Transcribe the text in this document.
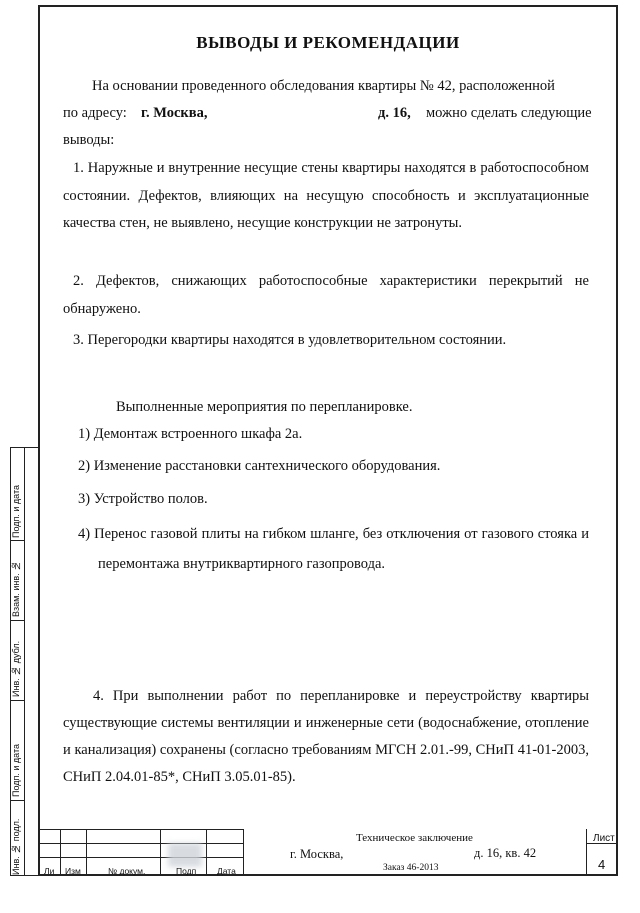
Подп. и дата
Взам. инв. №
Инв. № дубл.
Подп. и дата
Инв. № подл.
ВЫВОДЫ И РЕКОМЕНДАЦИИ
На основании проведенного обследования квартиры № 42, расположенной
по адресу: г. Москва,	д. 16, можно сделать следующие
выводы:
1. Наружные и внутренние несущие стены квартиры находятся в работоспособном состоянии. Дефектов, влияющих на несущую способность и эксплуатационные качества стен, не выявлено, несущие конструкции не затронуты.
2. Дефектов, снижающих работоспособные характеристики перекрытий не обнаружено.
3. Перегородки квартиры находятся в удовлетворительном состоянии.
Выполненные мероприятия по перепланировке.
1) Демонтаж встроенного шкафа 2а.
2) Изменение расстановки сантехнического оборудования.
3) Устройство полов.
4) Перенос газовой плиты на гибком шланге, без отключения от газового стояка и перемонтажа внутриквартирного газопровода.
4. При выполнении работ по перепланировке и переустройству квартиры существующие системы вентиляции и инженерные сети (водоснабжение, отопление и канализация) сохранены (согласно требованиям МГСН 2.01.-99, СНиП 41-01-2003, СНиП 2.04.01-85*, СНиП 3.05.01-85).
Ли Изм	№ докум.	Подп Дата
Техническое заключение
г. Москва,	д. 16, кв. 42
Заказ 46-2013
Лист
4
